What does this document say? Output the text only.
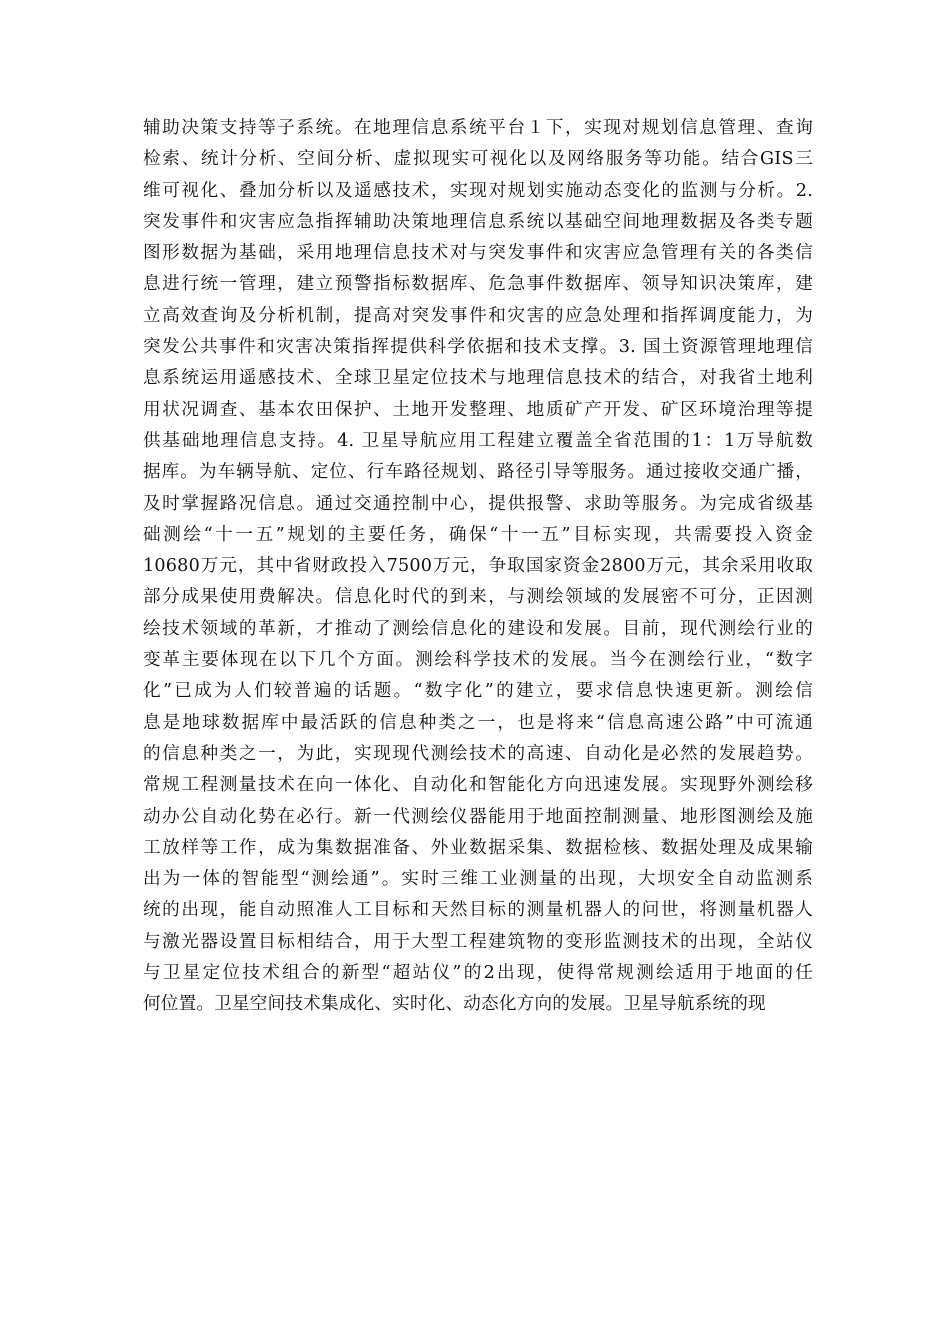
辅助决策支持等子系统。在地理信息系统平台１下，实现对规划信息管理、查询
检索、统计分析、空间分析、虚拟现实可视化以及网络服务等功能。结合GIS三
维可视化、叠加分析以及遥感技术，实现对规划实施动态变化的监测与分析。2.
突发事件和灾害应急指挥辅助决策地理信息系统以基础空间地理数据及各类专题
图形数据为基础，采用地理信息技术对与突发事件和灾害应急管理有关的各类信
息进行统一管理，建立预警指标数据库、危急事件数据库、领导知识决策库，建
立高效查询及分析机制，提高对突发事件和灾害的应急处理和指挥调度能力，为
突发公共事件和灾害决策指挥提供科学依据和技术支撑。3. 国土资源管理地理信
息系统运用遥感技术、全球卫星定位技术与地理信息技术的结合，对我省土地利
用状况调查、基本农田保护、土地开发整理、地质矿产开发、矿区环境治理等提
供基础地理信息支持。4. 卫星导航应用工程建立覆盖全省范围的1：1万导航数
据库。为车辆导航、定位、行车路径规划、路径引导等服务。通过接收交通广播，
及时掌握路况信息。通过交通控制中心，提供报警、求助等服务。为完成省级基
础测绘“十一五”规划的主要任务，确保“十一五”目标实现，共需要投入资金
10680万元，其中省财政投入7500万元，争取国家资金2800万元，其余采用收取
部分成果使用费解决。信息化时代的到来，与测绘领域的发展密不可分，正因测
绘技术领域的革新，才推动了测绘信息化的建设和发展。目前，现代测绘行业的
变革主要体现在以下几个方面。测绘科学技术的发展。当今在测绘行业，“数字
化”已成为人们较普遍的话题。“数字化”的建立，要求信息快速更新。测绘信
息是地球数据库中最活跃的信息种类之一，也是将来“信息高速公路”中可流通
的信息种类之一，为此，实现现代测绘技术的高速、自动化是必然的发展趋势。
常规工程测量技术在向一体化、自动化和智能化方向迅速发展。实现野外测绘移
动办公自动化势在必行。新一代测绘仪器能用于地面控制测量、地形图测绘及施
工放样等工作，成为集数据准备、外业数据采集、数据检核、数据处理及成果输
出为一体的智能型“测绘通”。实时三维工业测量的出现，大坝安全自动监测系
统的出现，能自动照准人工目标和天然目标的测量机器人的问世，将测量机器人
与激光器设置目标相结合，用于大型工程建筑物的变形监测技术的出现，全站仪
与卫星定位技术组合的新型“超站仪”的2出现，使得常规测绘适用于地面的任
何位置。卫星空间技术集成化、实时化、动态化方向的发展。卫星导航系统的现
